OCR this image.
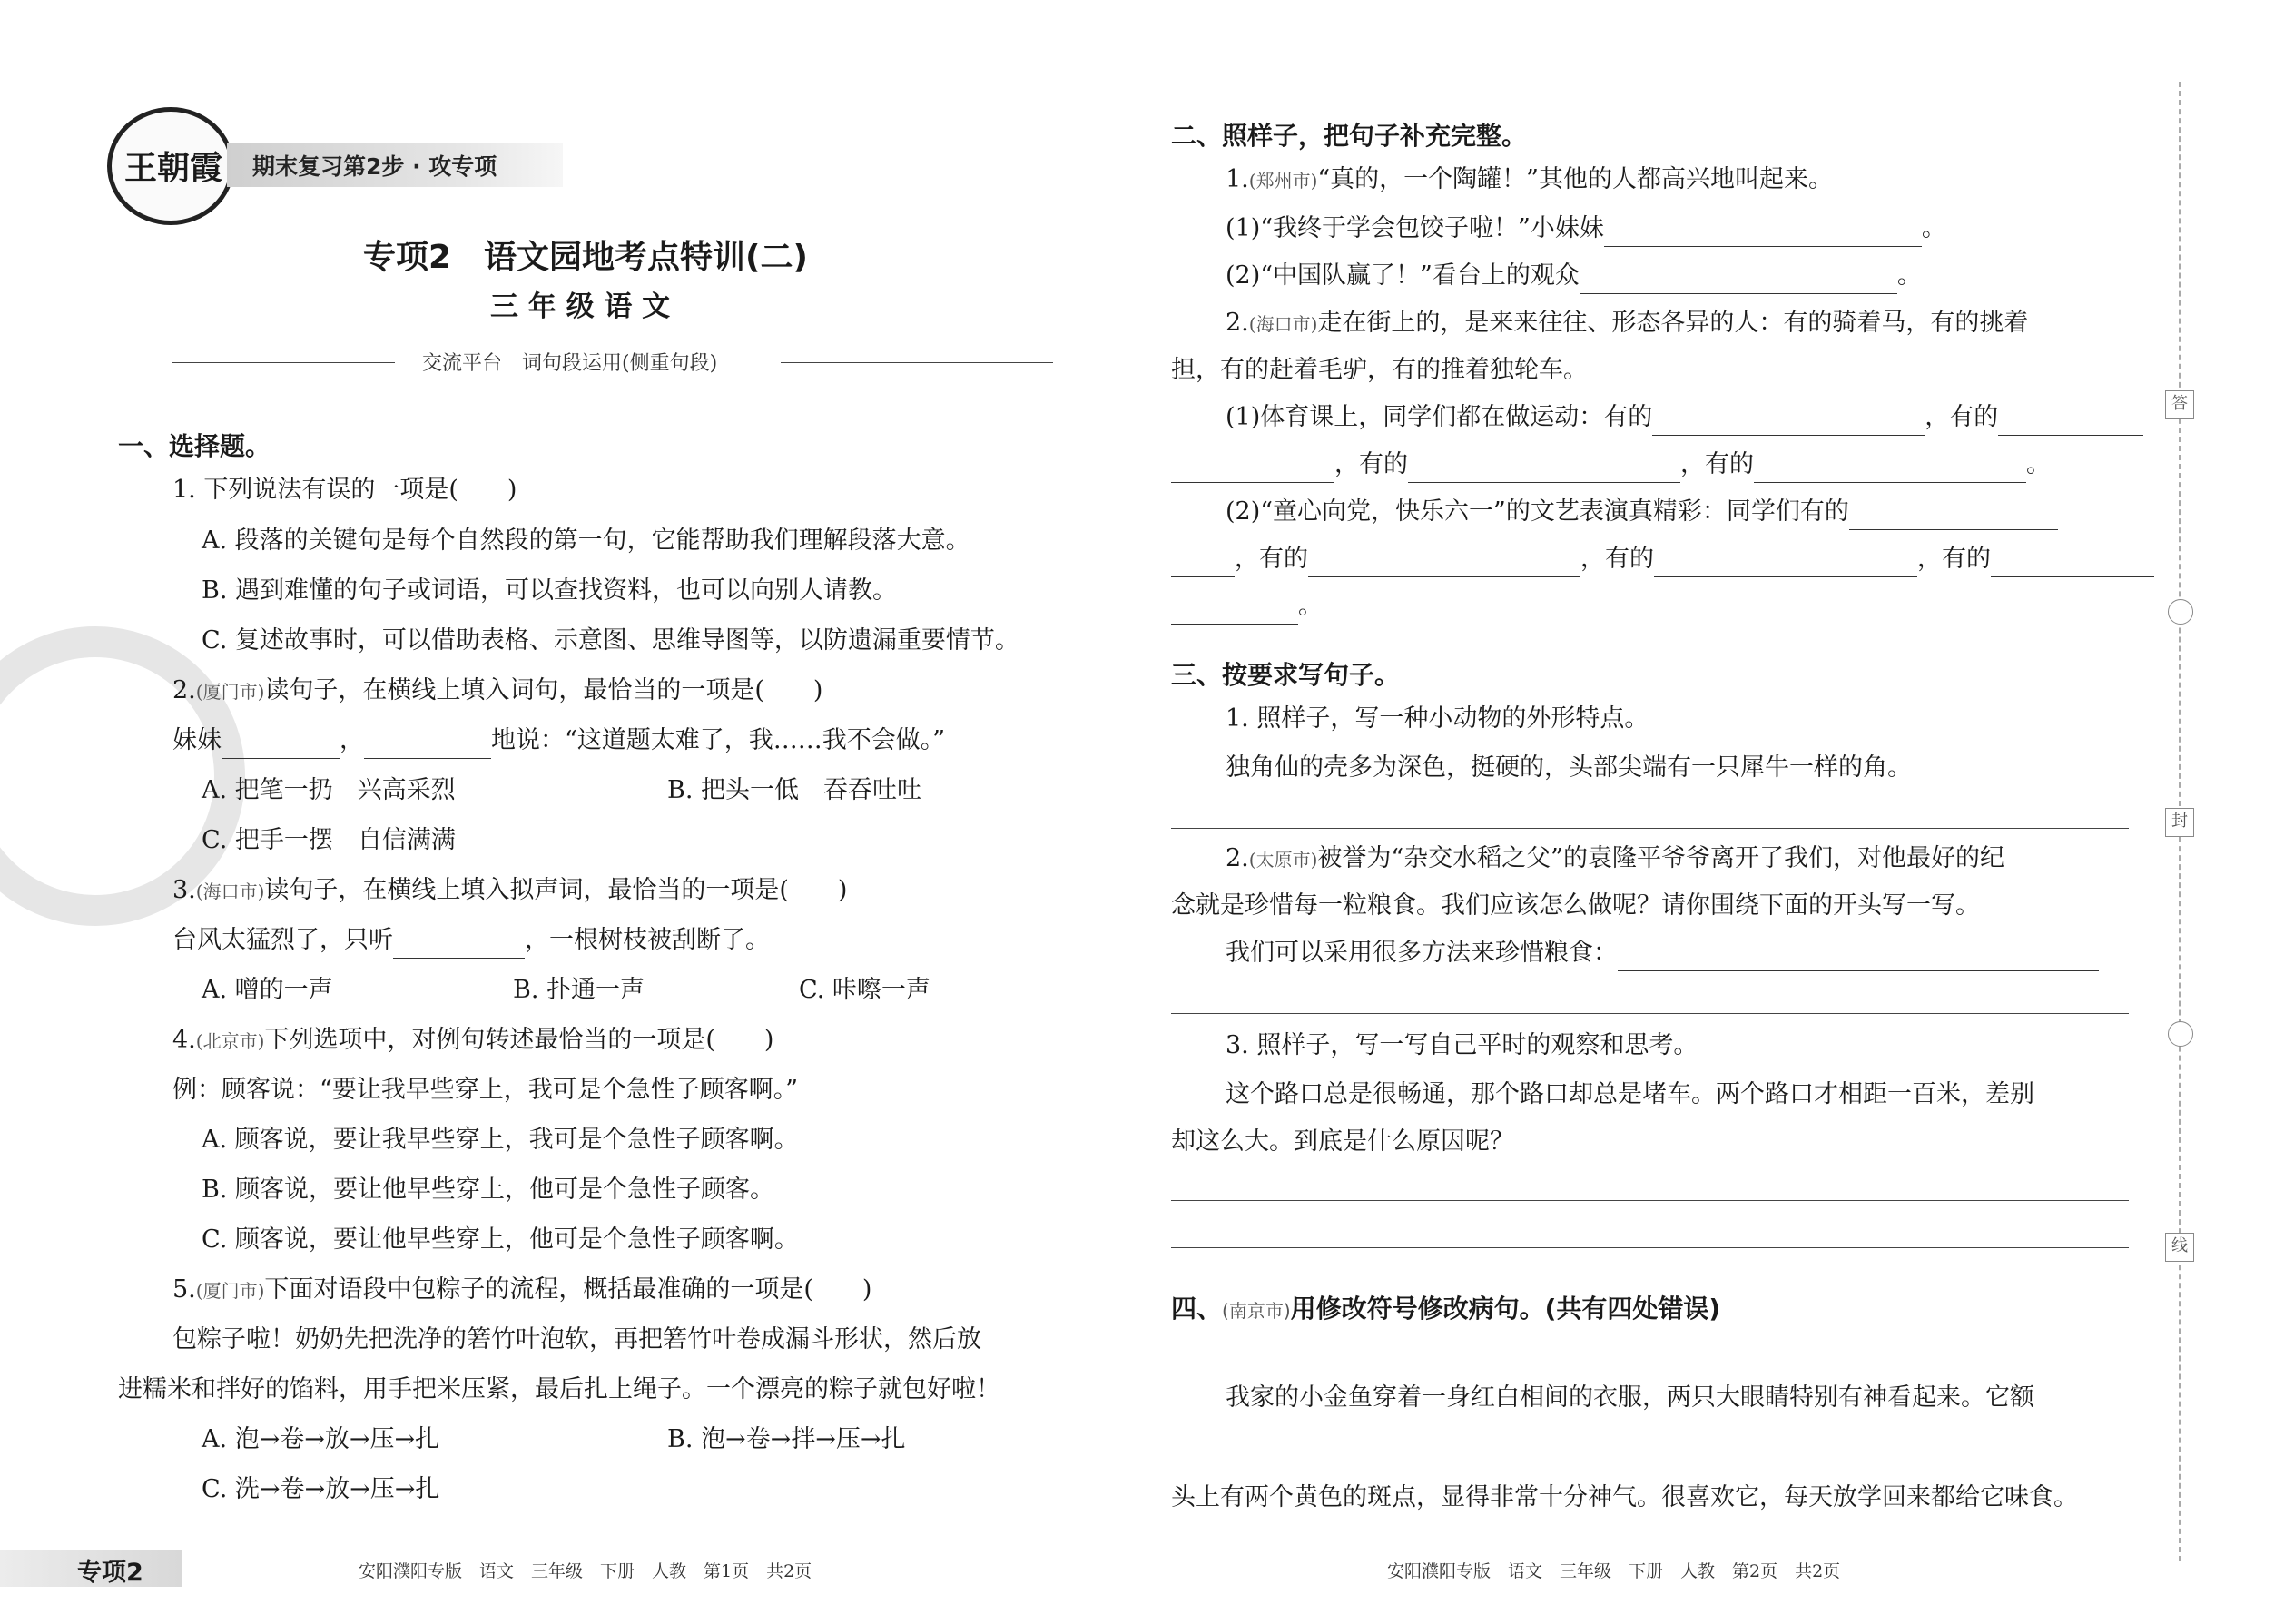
王朝霞 期末复习第2步 · 攻专项
专项2　语文园地考点特训(二)
三 年 级 语 文
交流平台　词句段运用(侧重句段)
一、选择题。
1. 下列说法有误的一项是(　　)
A. 段落的关键句是每个自然段的第一句，它能帮助我们理解段落大意。
B. 遇到难懂的句子或词语，可以查找资料，也可以向别人请教。
C. 复述故事时，可以借助表格、示意图、思维导图等，以防遗漏重要情节。
2.(厦门市)读句子，在横线上填入词句，最恰当的一项是(　　)
妹妹	，	地说：“这道题太难了，我……我不会做。”
A. 把笔一扔　兴高采烈	B. 把头一低　吞吞吐吐
C. 把手一摆　自信满满
3.(海口市)读句子，在横线上填入拟声词，最恰当的一项是(　　)
台风太猛烈了，只听	，一根树枝被刮断了。
A. 噌的一声	B. 扑通一声	C. 咔嚓一声
4.(北京市)下列选项中，对例句转述最恰当的一项是(　　)
例：顾客说：“要让我早些穿上，我可是个急性子顾客啊。”
A. 顾客说，要让我早些穿上，我可是个急性子顾客啊。
B. 顾客说，要让他早些穿上，他可是个急性子顾客。
C. 顾客说，要让他早些穿上，他可是个急性子顾客啊。
5.(厦门市)下面对语段中包粽子的流程，概括最准确的一项是(　　)
包粽子啦！奶奶先把洗净的箬竹叶泡软，再把箬竹叶卷成漏斗形状，然后放
进糯米和拌好的馅料，用手把米压紧，最后扎上绳子。一个漂亮的粽子就包好啦！
A. 泡→卷→放→压→扎	B. 泡→卷→拌→压→扎
C. 洗→卷→放→压→扎
二、照样子，把句子补充完整。
1.(郑州市)“真的，一个陶罐！”其他的人都高兴地叫起来。
(1)“我终于学会包饺子啦！”小妹妹	。
(2)“中国队赢了！”看台上的观众	。
2.(海口市)走在街上的，是来来往往、形态各异的人：有的骑着马，有的挑着
担，有的赶着毛驴，有的推着独轮车。
(1)体育课上，同学们都在做运动：有的	，有的
，有的	，有的	。
(2)“童心向党，快乐六一”的文艺表演真精彩：同学们有的
，有的	，有的	，有的
。
三、按要求写句子。
1. 照样子，写一种小动物的外形特点。
独角仙的壳多为深色，挺硬的，头部尖端有一只犀牛一样的角。
2.(太原市)被誉为“杂交水稻之父”的袁隆平爷爷离开了我们，对他最好的纪
念就是珍惜每一粒粮食。我们应该怎么做呢？请你围绕下面的开头写一写。
我们可以采用很多方法来珍惜粮食：
3. 照样子，写一写自己平时的观察和思考。
这个路口总是很畅通，那个路口却总是堵车。两个路口才相距一百米，差别
却这么大。到底是什么原因呢？
四、(南京市)用修改符号修改病句。(共有四处错误)
我家的小金鱼穿着一身红白相间的衣服，两只大眼睛特别有神看起来。它额
头上有两个黄色的斑点，显得非常十分神气。很喜欢它，每天放学回来都给它味食。
答
封
线
专项2	安阳濮阳专版　语文　三年级　下册　人教　第1页　共2页	安阳濮阳专版　语文　三年级　下册　人教　第2页　共2页
